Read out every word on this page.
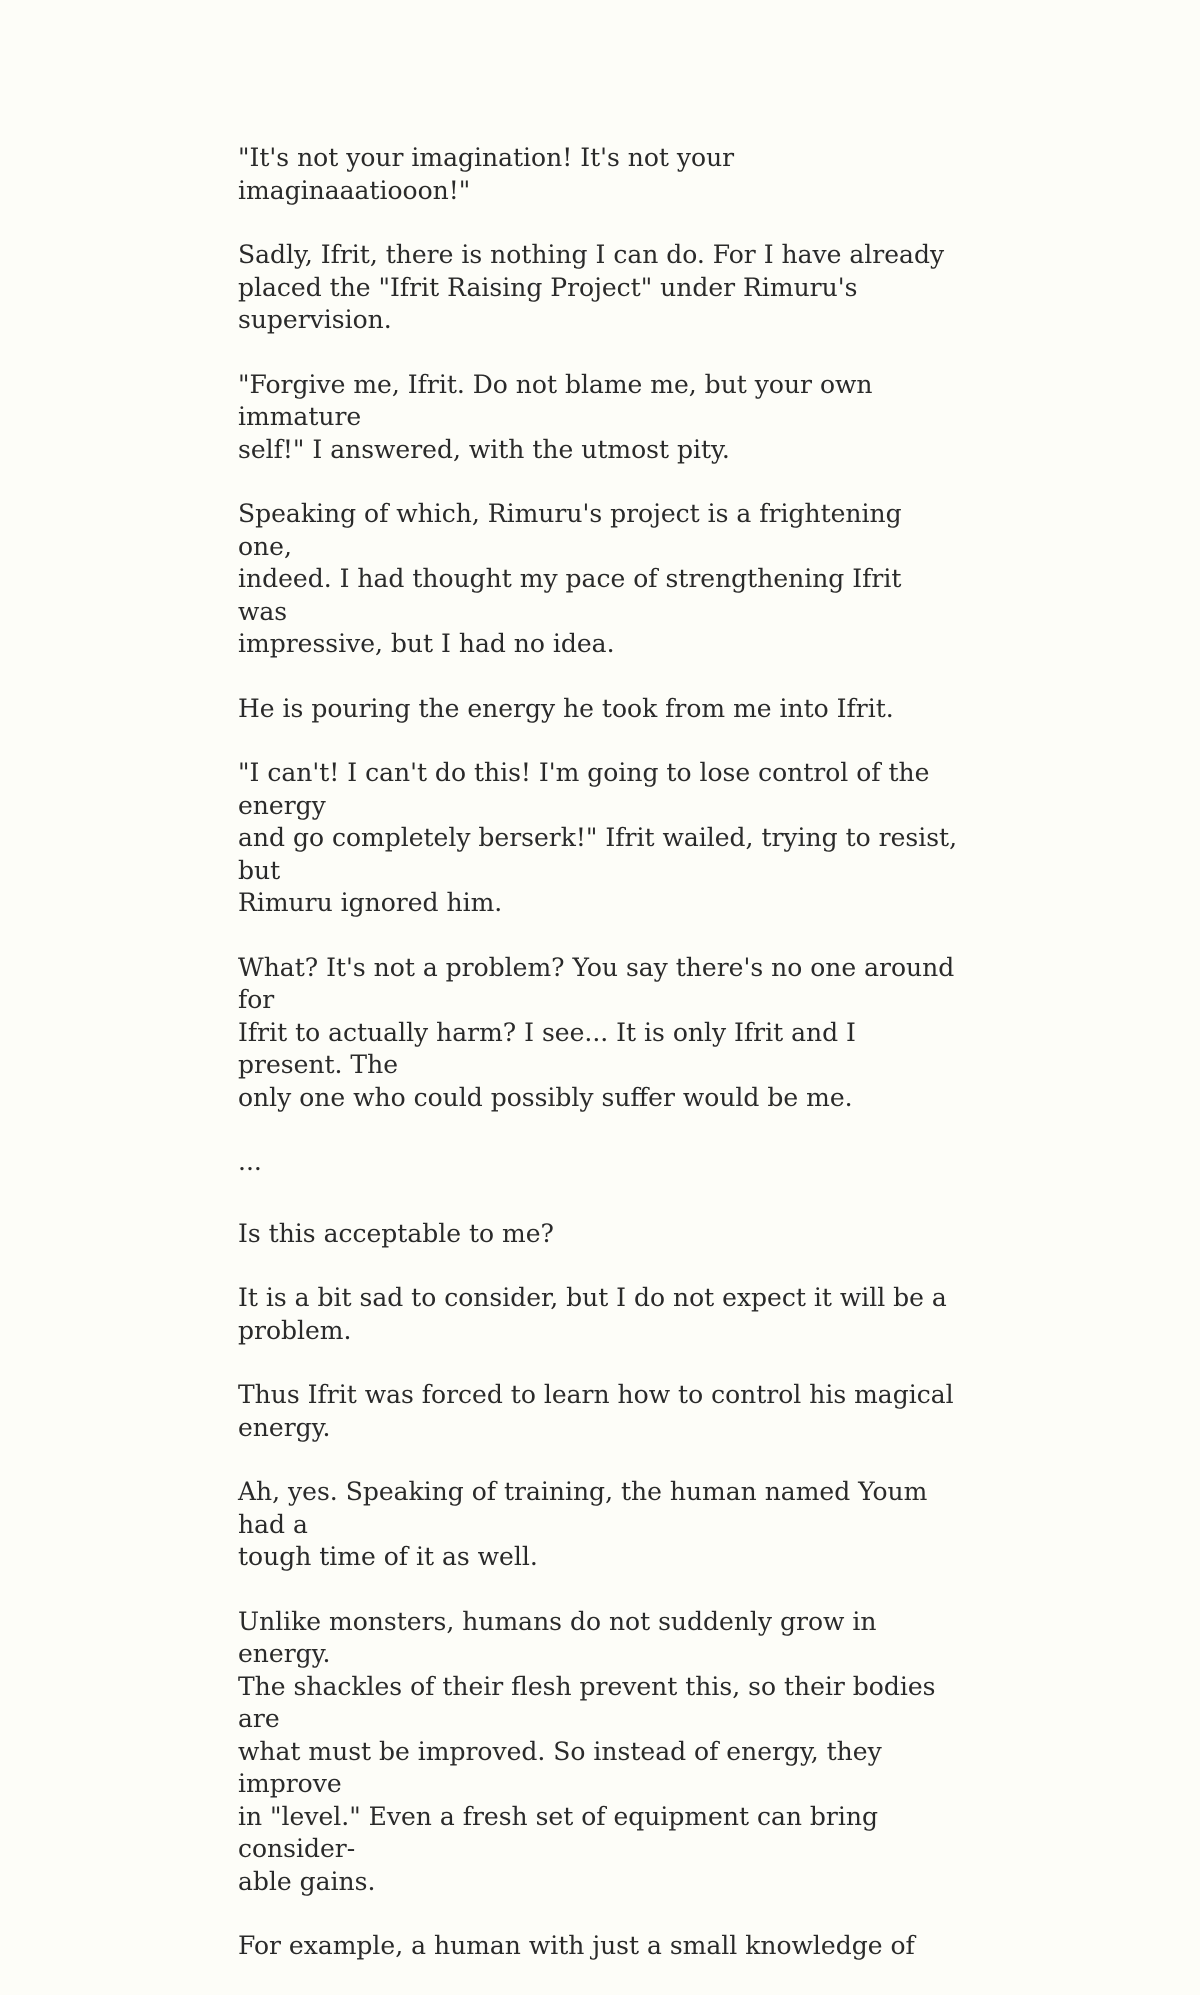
"It's not your imagination! It's not your imaginaaatiooon!"

Sadly, Ifrit, there is nothing I can do. For I have already
placed the "Ifrit Raising Project" under Rimuru's supervision.

"Forgive me, Ifrit. Do not blame me, but your own immature
self!" I answered, with the utmost pity.

Speaking of which, Rimuru's project is a frightening one,
indeed. I had thought my pace of strengthening Ifrit was
impressive, but I had no idea.

He is pouring the energy he took from me into Ifrit.

"I can't! I can't do this! I'm going to lose control of the energy
and go completely berserk!" Ifrit wailed, trying to resist, but
Rimuru ignored him.

What? It's not a problem? You say there's no one around for
Ifrit to actually harm? I see... It is only Ifrit and I present. The
only one who could possibly suffer would be me.

...

Is this acceptable to me?

It is a bit sad to consider, but I do not expect it will be a
problem.

Thus Ifrit was forced to learn how to control his magical
energy.

Ah, yes. Speaking of training, the human named Youm had a
tough time of it as well.

Unlike monsters, humans do not suddenly grow in energy.
The shackles of their flesh prevent this, so their bodies are
what must be improved. So instead of energy, they improve
in "level." Even a fresh set of equipment can bring consider-
able gains.

For example, a human with just a small knowledge of
